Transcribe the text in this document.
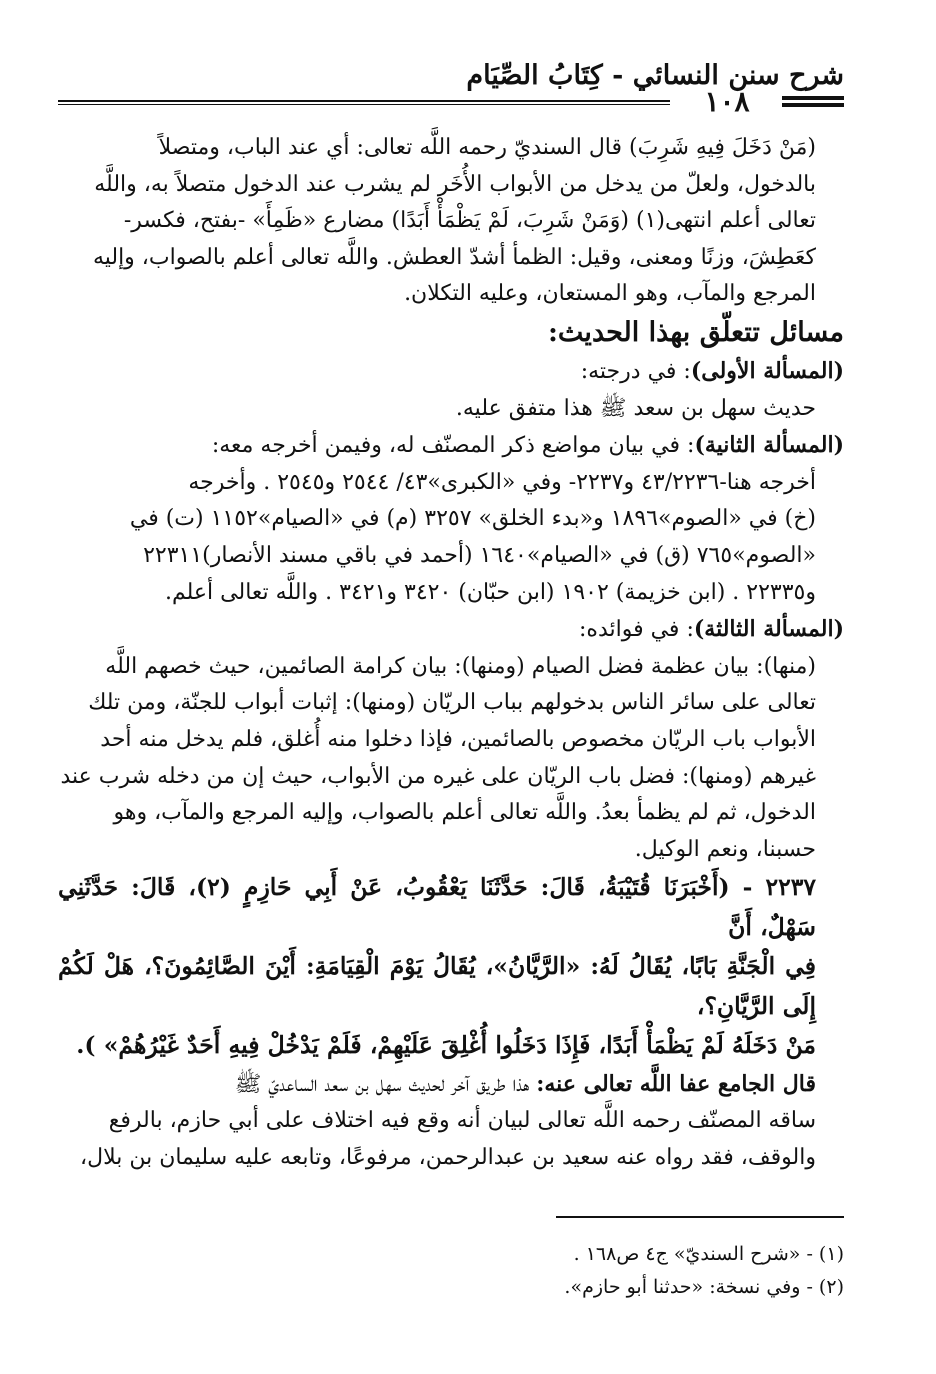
شرح سنن النسائي - كِتَابُ الصِّيَام
١٠٨

(مَنْ دَخَلَ فِيهِ شَرِبَ) قال السنديّ رحمه اللَّه تعالى: أي عند الباب، ومتصلاً
بالدخول، ولعلّ من يدخل من الأبواب الأُخَر لم يشرب عند الدخول متصلاً به، واللَّه
تعالى أعلم انتهى(١) (وَمَنْ شَرِبَ، لَمْ يَظْمَأْ أَبَدًا) مضارع «ظَمِأَ» -بفتح، فكسر-
كعَطِشَ، وزنًا ومعنى، وقيل: الظمأ أشدّ العطش. واللَّه تعالى أعلم بالصواب، وإليه
المرجع والمآب، وهو المستعان، وعليه التكلان.

مسائل تتعلّق بهذا الحديث:

(المسألة الأولى): في درجته:

حديث سهل بن سعد ﷺ هذا متفق عليه.

(المسألة الثانية): في بيان مواضع ذكر المصنّف له، وفيمن أخرجه معه:

أخرجه هنا-٤٣/٢٢٣٦ و٢٢٣٧- وفي «الكبرى»٤٣/ ٢٥٤٤ و٢٥٤٥ . وأخرجه
(خ) في «الصوم»١٨٩٦ و«بدء الخلق» ٣٢٥٧ (م) في «الصيام»١١٥٢ (ت) في
«الصوم»٧٦٥ (ق) في «الصيام»١٦٤٠ (أحمد في باقي مسند الأنصار)٢٢٣١١
و٢٢٣٣٥ . (ابن خزيمة) ١٩٠٢ (ابن حبّان) ٣٤٢٠ و٣٤٢١ . واللَّه تعالى أعلم.

(المسألة الثالثة): في فوائده:

(منها): بيان عظمة فضل الصيام (ومنها): بيان كرامة الصائمين، حيث خصهم اللَّه
تعالى على سائر الناس بدخولهم بباب الريّان (ومنها): إثبات أبواب للجنّة، ومن تلك
الأبواب باب الريّان مخصوص بالصائمين، فإذا دخلوا منه أُغلق، فلم يدخل منه أحد
غيرهم (ومنها): فضل باب الريّان على غيره من الأبواب، حيث إن من دخله شرب عند
الدخول، ثم لم يظمأ بعدُ. واللَّه تعالى أعلم بالصواب، وإليه المرجع والمآب، وهو
حسبنا، ونعم الوكيل.

٢٢٣٧ - (أَخْبَرَنَا قُتَيْبَةُ، قَالَ: حَدَّثَنَا يَعْقُوبُ، عَنْ أَبِي حَازِمٍ (٢)، قَالَ: حَدَّثَنِي سَهْلٌ، أَنَّ
فِي الْجَنَّةِ بَابًا، يُقَالُ لَهُ: «الرَّيَّانُ»، يُقَالُ يَوْمَ الْقِيَامَةِ: أَيْنَ الصَّائِمُونَ؟، هَلْ لَكُمْ إِلَى الرَّيَّانِ؟،
مَنْ دَخَلَهُ لَمْ يَظْمَأْ أَبَدًا، فَإِذَا دَخَلُوا أُغْلِقَ عَلَيْهِمْ، فَلَمْ يَدْخُلْ فِيهِ أَحَدٌ غَيْرُهُمْ» ).

قال الجامع عفا اللَّه تعالى عنه: هذا طريق آخر لحديث سهل بن سعد الساعديّ ﷺ
ساقه المصنّف رحمه اللَّه تعالى لبيان أنه وقع فيه اختلاف على أبي حازم، بالرفع
والوقف، فقد رواه عنه سعيد بن عبدالرحمن، مرفوعًا، وتابعه عليه سليمان بن بلال،

(١) - «شرح السنديّ» ج٤ ص١٦٨ .
(٢) - وفي نسخة: «حدثنا أبو حازم».
